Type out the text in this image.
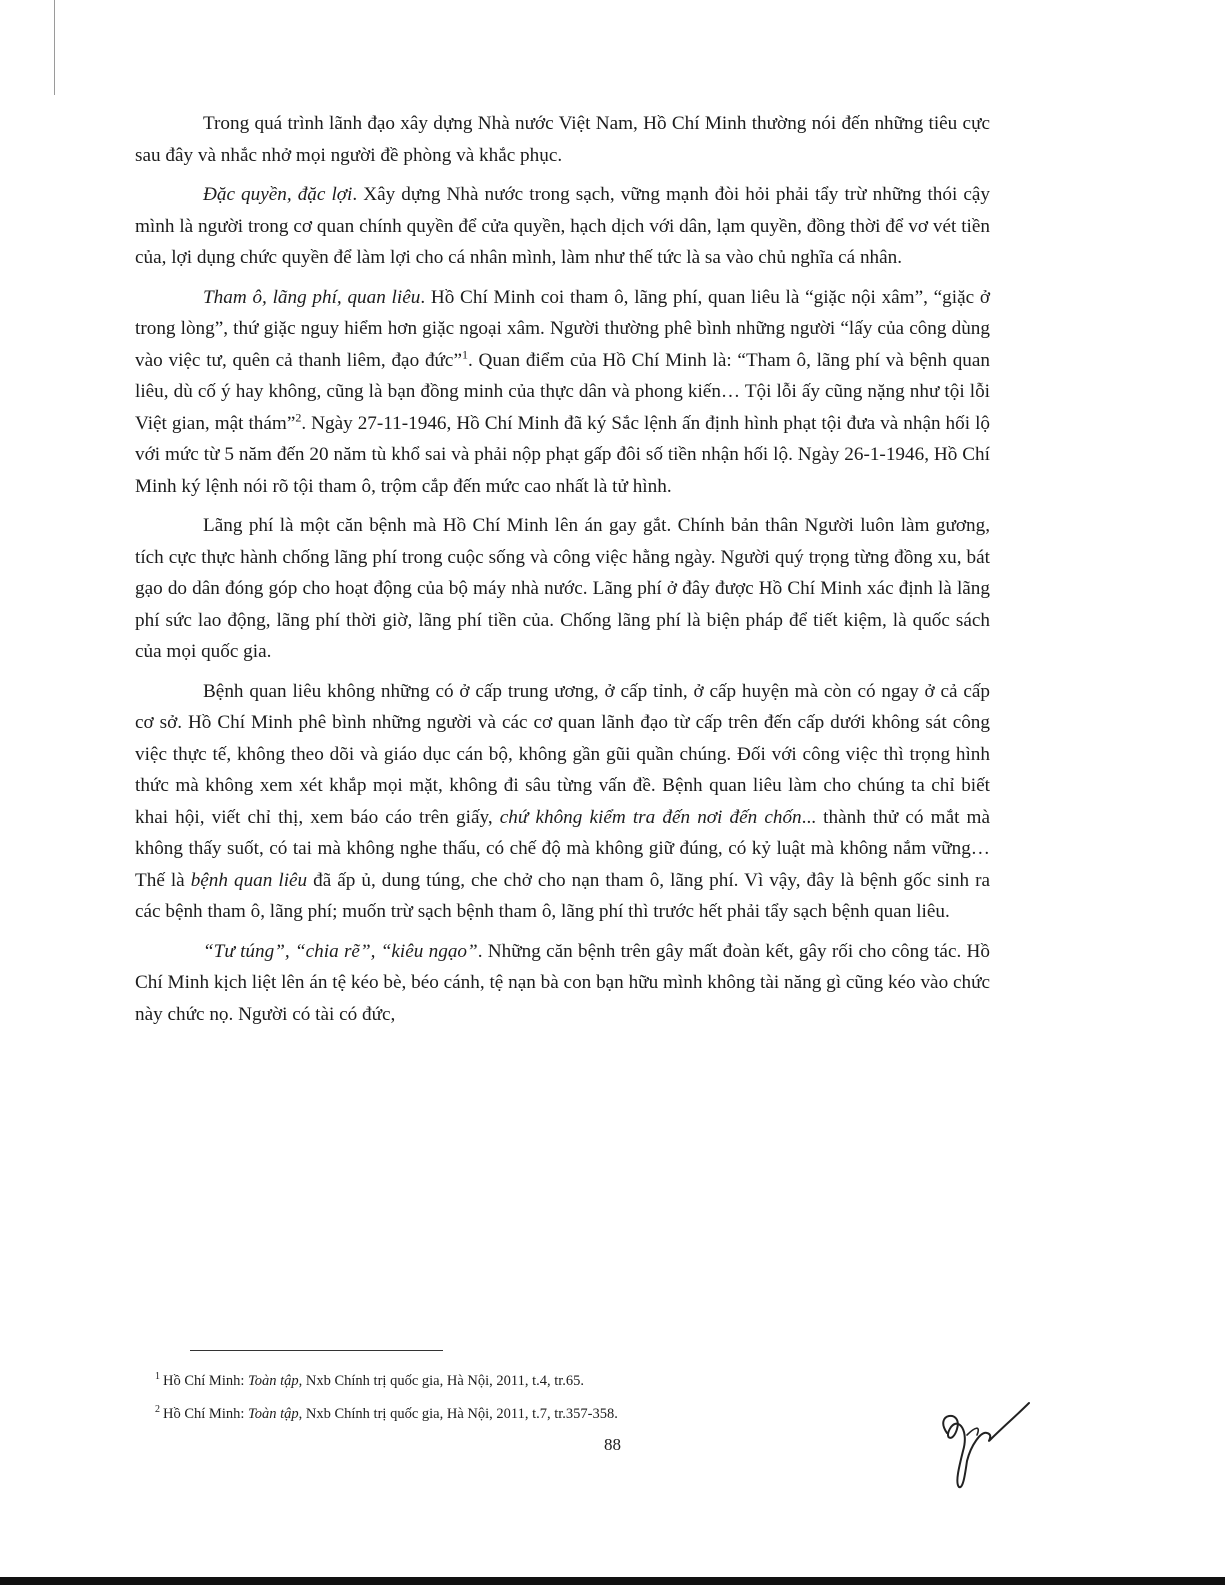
Trong quá trình lãnh đạo xây dựng Nhà nước Việt Nam, Hồ Chí Minh thường nói đến những tiêu cực sau đây và nhắc nhở mọi người đề phòng và khắc phục.

Đặc quyền, đặc lợi. Xây dựng Nhà nước trong sạch, vững mạnh đòi hỏi phải tẩy trừ những thói cậy mình là người trong cơ quan chính quyền để cửa quyền, hạch dịch với dân, lạm quyền, đồng thời để vơ vét tiền của, lợi dụng chức quyền để làm lợi cho cá nhân mình, làm như thế tức là sa vào chủ nghĩa cá nhân.

Tham ô, lãng phí, quan liêu. Hồ Chí Minh coi tham ô, lãng phí, quan liêu là “giặc nội xâm”, “giặc ở trong lòng”, thứ giặc nguy hiểm hơn giặc ngoại xâm. Người thường phê bình những người “lấy của công dùng vào việc tư, quên cả thanh liêm, đạo đức”$^1$. Quan điểm của Hồ Chí Minh là: “Tham ô, lãng phí và bệnh quan liêu, dù cố ý hay không, cũng là bạn đồng minh của thực dân và phong kiến… Tội lỗi ấy cũng nặng như tội lỗi Việt gian, mật thám”$^2$. Ngày 27-11-1946, Hồ Chí Minh đã ký Sắc lệnh ấn định hình phạt tội đưa và nhận hối lộ với mức từ 5 năm đến 20 năm tù khổ sai và phải nộp phạt gấp đôi số tiền nhận hối lộ. Ngày 26-1-1946, Hồ Chí Minh ký lệnh nói rõ tội tham ô, trộm cắp đến mức cao nhất là tử hình.

Lãng phí là một căn bệnh mà Hồ Chí Minh lên án gay gắt. Chính bản thân Người luôn làm gương, tích cực thực hành chống lãng phí trong cuộc sống và công việc hằng ngày. Người quý trọng từng đồng xu, bát gạo do dân đóng góp cho hoạt động của bộ máy nhà nước. Lãng phí ở đây được Hồ Chí Minh xác định là lãng phí sức lao động, lãng phí thời giờ, lãng phí tiền của. Chống lãng phí là biện pháp để tiết kiệm, là quốc sách của mọi quốc gia.

Bệnh quan liêu không những có ở cấp trung ương, ở cấp tỉnh, ở cấp huyện mà còn có ngay ở cả cấp cơ sở. Hồ Chí Minh phê bình những người và các cơ quan lãnh đạo từ cấp trên đến cấp dưới không sát công việc thực tế, không theo dõi và giáo dục cán bộ, không gần gũi quần chúng. Đối với công việc thì trọng hình thức mà không xem xét khắp mọi mặt, không đi sâu từng vấn đề. Bệnh quan liêu làm cho chúng ta chỉ biết khai hội, viết chỉ thị, xem báo cáo trên giấy, chứ không kiểm tra đến nơi đến chốn... thành thử có mắt mà không thấy suốt, có tai mà không nghe thấu, có chế độ mà không giữ đúng, có kỷ luật mà không nắm vững… Thế là bệnh quan liêu đã ấp ủ, dung túng, che chở cho nạn tham ô, lãng phí. Vì vậy, đây là bệnh gốc sinh ra các bệnh tham ô, lãng phí; muốn trừ sạch bệnh tham ô, lãng phí thì trước hết phải tẩy sạch bệnh quan liêu.

“Tư túng”, “chia rẽ”, “kiêu ngạo”. Những căn bệnh trên gây mất đoàn kết, gây rối cho công tác. Hồ Chí Minh kịch liệt lên án tệ kéo bè, béo cánh, tệ nạn bà con bạn hữu mình không tài năng gì cũng kéo vào chức này chức nọ. Người có tài có đức,

$^1$ Hồ Chí Minh: Toàn tập, Nxb Chính trị quốc gia, Hà Nội, 2011, t.4, tr.65.
$^2$ Hồ Chí Minh: Toàn tập, Nxb Chính trị quốc gia, Hà Nội, 2011, t.7, tr.357-358.
88
